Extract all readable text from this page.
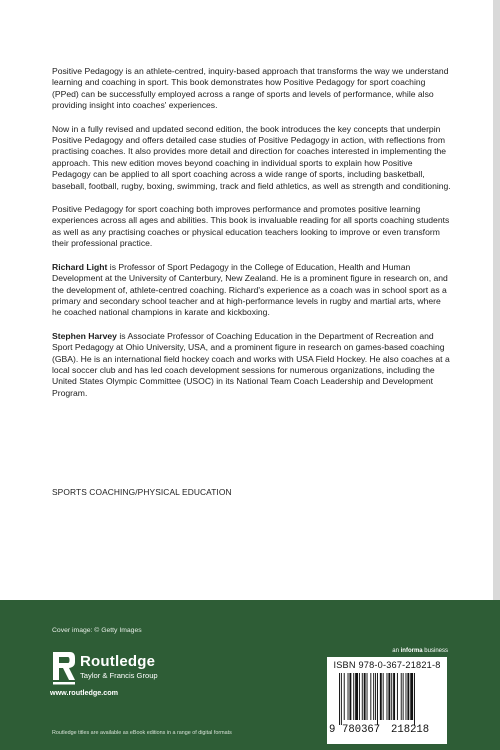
Positive Pedagogy is an athlete-centred, inquiry-based approach that transforms the way we understand learning and coaching in sport. This book demonstrates how Positive Pedagogy for sport coaching (PPed) can be successfully employed across a range of sports and levels of performance, while also providing insight into coaches' experiences.

Now in a fully revised and updated second edition, the book introduces the key concepts that underpin Positive Pedagogy and offers detailed case studies of Positive Pedagogy in action, with reflections from practising coaches. It also provides more detail and direction for coaches interested in implementing the approach. This new edition moves beyond coaching in individual sports to explain how Positive Pedagogy can be applied to all sport coaching across a wide range of sports, including basketball, baseball, football, rugby, boxing, swimming, track and field athletics, as well as strength and conditioning.

Positive Pedagogy for sport coaching both improves performance and promotes positive learning experiences across all ages and abilities. This book is invaluable reading for all sports coaching students as well as any practising coaches or physical education teachers looking to improve or even transform their professional practice.

Richard Light is Professor of Sport Pedagogy in the College of Education, Health and Human Development at the University of Canterbury, New Zealand. He is a prominent figure in research on, and the development of, athlete-centred coaching. Richard's experience as a coach was in school sport as a primary and secondary school teacher and at high-performance levels in rugby and martial arts, where he coached national champions in karate and kickboxing.

Stephen Harvey is Associate Professor of Coaching Education in the Department of Recreation and Sport Pedagogy at Ohio University, USA, and a prominent figure in research on games-based coaching (GBA). He is an international field hockey coach and works with USA Field Hockey. He also coaches at a local soccer club and has led coach development sessions for numerous organizations, including the United States Olympic Committee (USOC) in its National Team Coach Leadership and Development Program.

SPORTS COACHING/PHYSICAL EDUCATION
Cover image: © Getty Images
Routledge
Taylor & Francis Group
www.routledge.com
Routledge titles are available as eBook editions in a range of digital formats
an informa business
ISBN 978-0-367-21821-8
9 780367 218218
